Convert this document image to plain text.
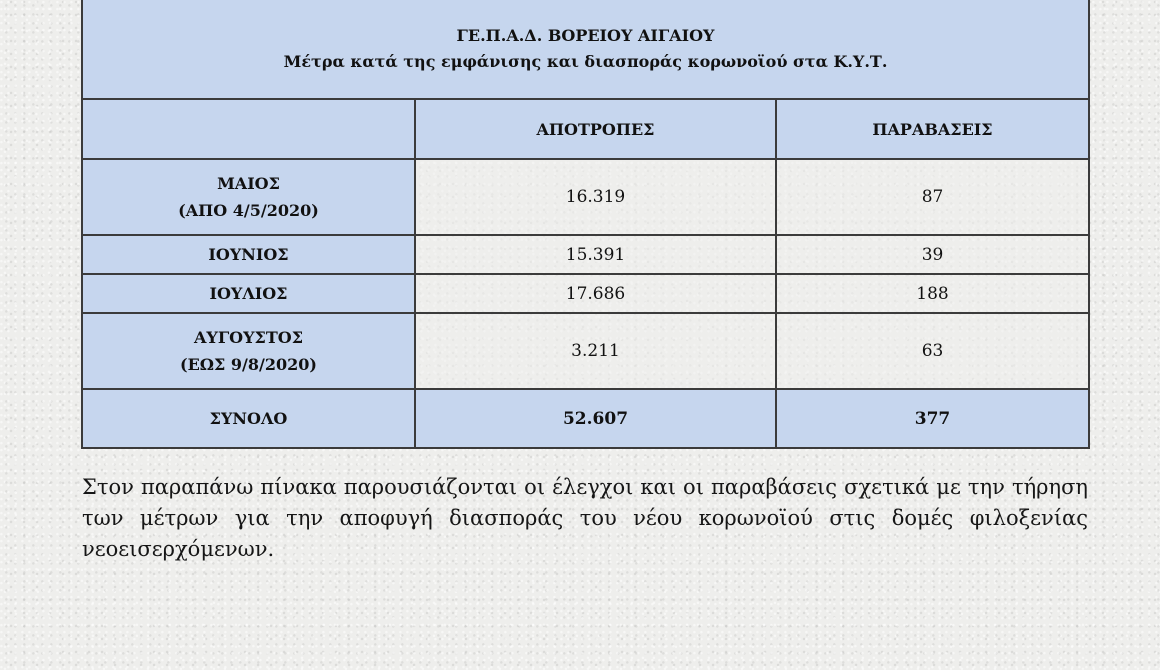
ΓΕ.Π.Α.Δ. ΒΟΡΕΙΟΥ ΑΙΓΑΙΟΥ
Μέτρα κατά της εμφάνισης και διασποράς κορωνοϊού στα Κ.Υ.Τ.		

	ΑΠΟΤΡΟΠΕΣ	ΠΑΡΑΒΑΣΕΙΣ

ΜΑΙΟΣ
(ΑΠΟ 4/5/2020)	16.319	87
ΙΟΥΝΙΟΣ	15.391	39
ΙΟΥΛΙΟΣ	17.686	188

ΑΥΓΟΥΣΤΟΣ
(ΕΩΣ 9/8/2020)	3.211	63
ΣΥΝΟΛΟ	52.607	377

Στον παραπάνω πίνακα παρουσιάζονται οι έλεγχοι και οι παραβάσεις σχετικά με την τήρηση των μέτρων για την αποφυγή διασποράς του νέου κορωνοϊού στις δομές φιλοξενίας νεοεισερχόμενων.
